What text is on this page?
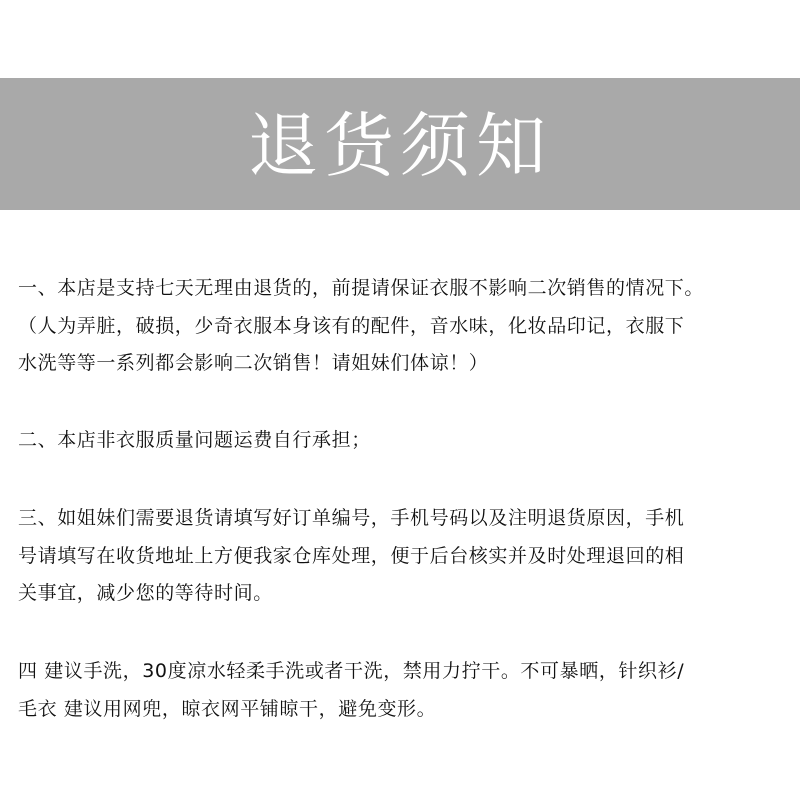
退货须知
一、本店是支持七天无理由退货的，前提请保证衣服不影响二次销售的情况下。
（人为弄脏，破损，少奇衣服本身该有的配件，音水味，化妆品印记，衣服下
水洗等等一系列都会影响二次销售！请姐妹们体谅！）
二、本店非衣服质量问题运费自行承担；
三、如姐妹们需要退货请填写好订单编号，手机号码以及注明退货原因，手机
号请填写在收货地址上方便我家仓库处理，便于后台核实并及时处理退回的相
关事宜，减少您的等待时间。
四 建议手洗，30度凉水轻柔手洗或者干洗，禁用力拧干。不可暴晒，针织衫/
毛衣 建议用网兜，晾衣网平铺晾干，避免变形。
